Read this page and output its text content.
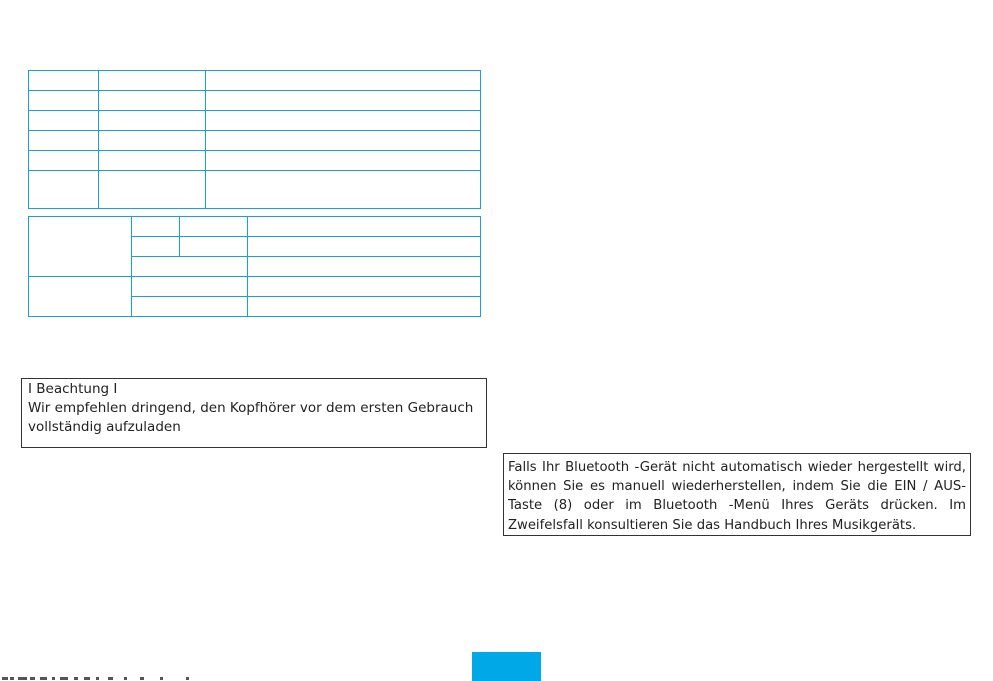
I Beachtung I
Wir empfehlen dringend, den Kopfhörer vor dem ersten Gebrauch vollständig aufzuladen
Falls Ihr Bluetooth -Gerät nicht automatisch wieder hergestellt wird, können Sie es manuell wiederherstellen, indem Sie die EIN / AUS-Taste (8) oder im Bluetooth -Menü Ihres Geräts drücken. Im Zweifelsfall konsultieren Sie das Handbuch Ihres Musikgeräts.
